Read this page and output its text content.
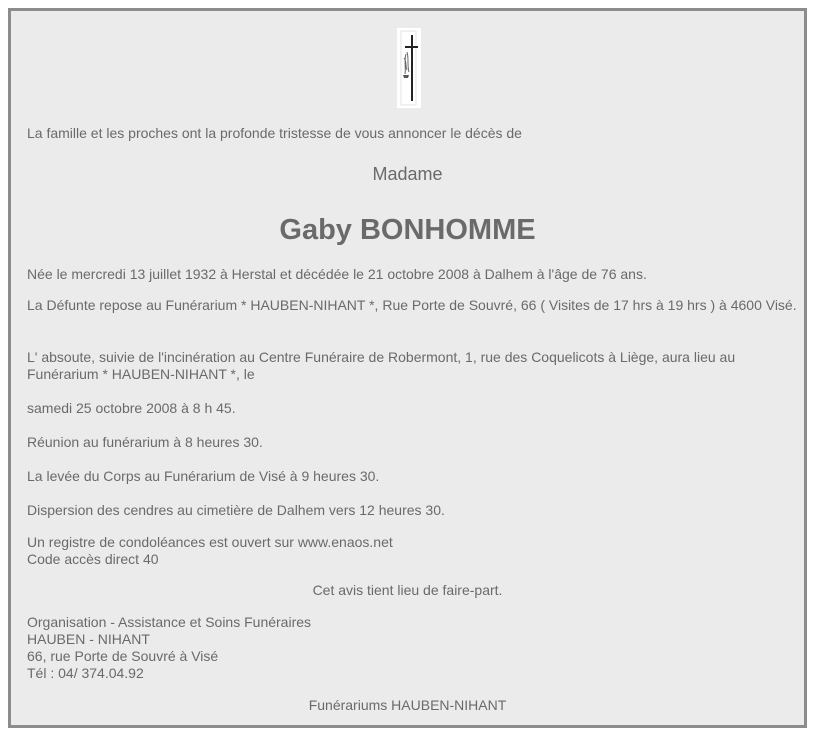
La famille et les proches ont la profonde tristesse de vous annoncer le décès de

Madame

Gaby BONHOMME

Née le mercredi 13 juillet 1932 à Herstal et décédée le 21 octobre 2008 à Dalhem à l'âge de 76 ans.

La Défunte repose au Funérarium * HAUBEN-NIHANT *, Rue Porte de Souvré, 66 ( Visites de 17 hrs à 19 hrs ) à 4600 Visé.

L' absoute, suivie de l'incinération au Centre Funéraire de Robermont, 1, rue des Coquelicots à Liège, aura lieu au Funérarium * HAUBEN-NIHANT *, le

samedi 25 octobre 2008 à 8 h 45.

Réunion au funérarium à 8 heures 30.

La levée du Corps au Funérarium de Visé à 9 heures 30.

Dispersion des cendres au cimetière de Dalhem vers 12 heures 30.

Un registre de condoléances est ouvert sur www.enaos.net

Code accès direct 40

Cet avis tient lieu de faire-part.

Organisation - Assistance et Soins Funéraires

HAUBEN - NIHANT

66, rue Porte de Souvré à Visé

Tél : 04/ 374.04.92

Funérariums HAUBEN-NIHANT
